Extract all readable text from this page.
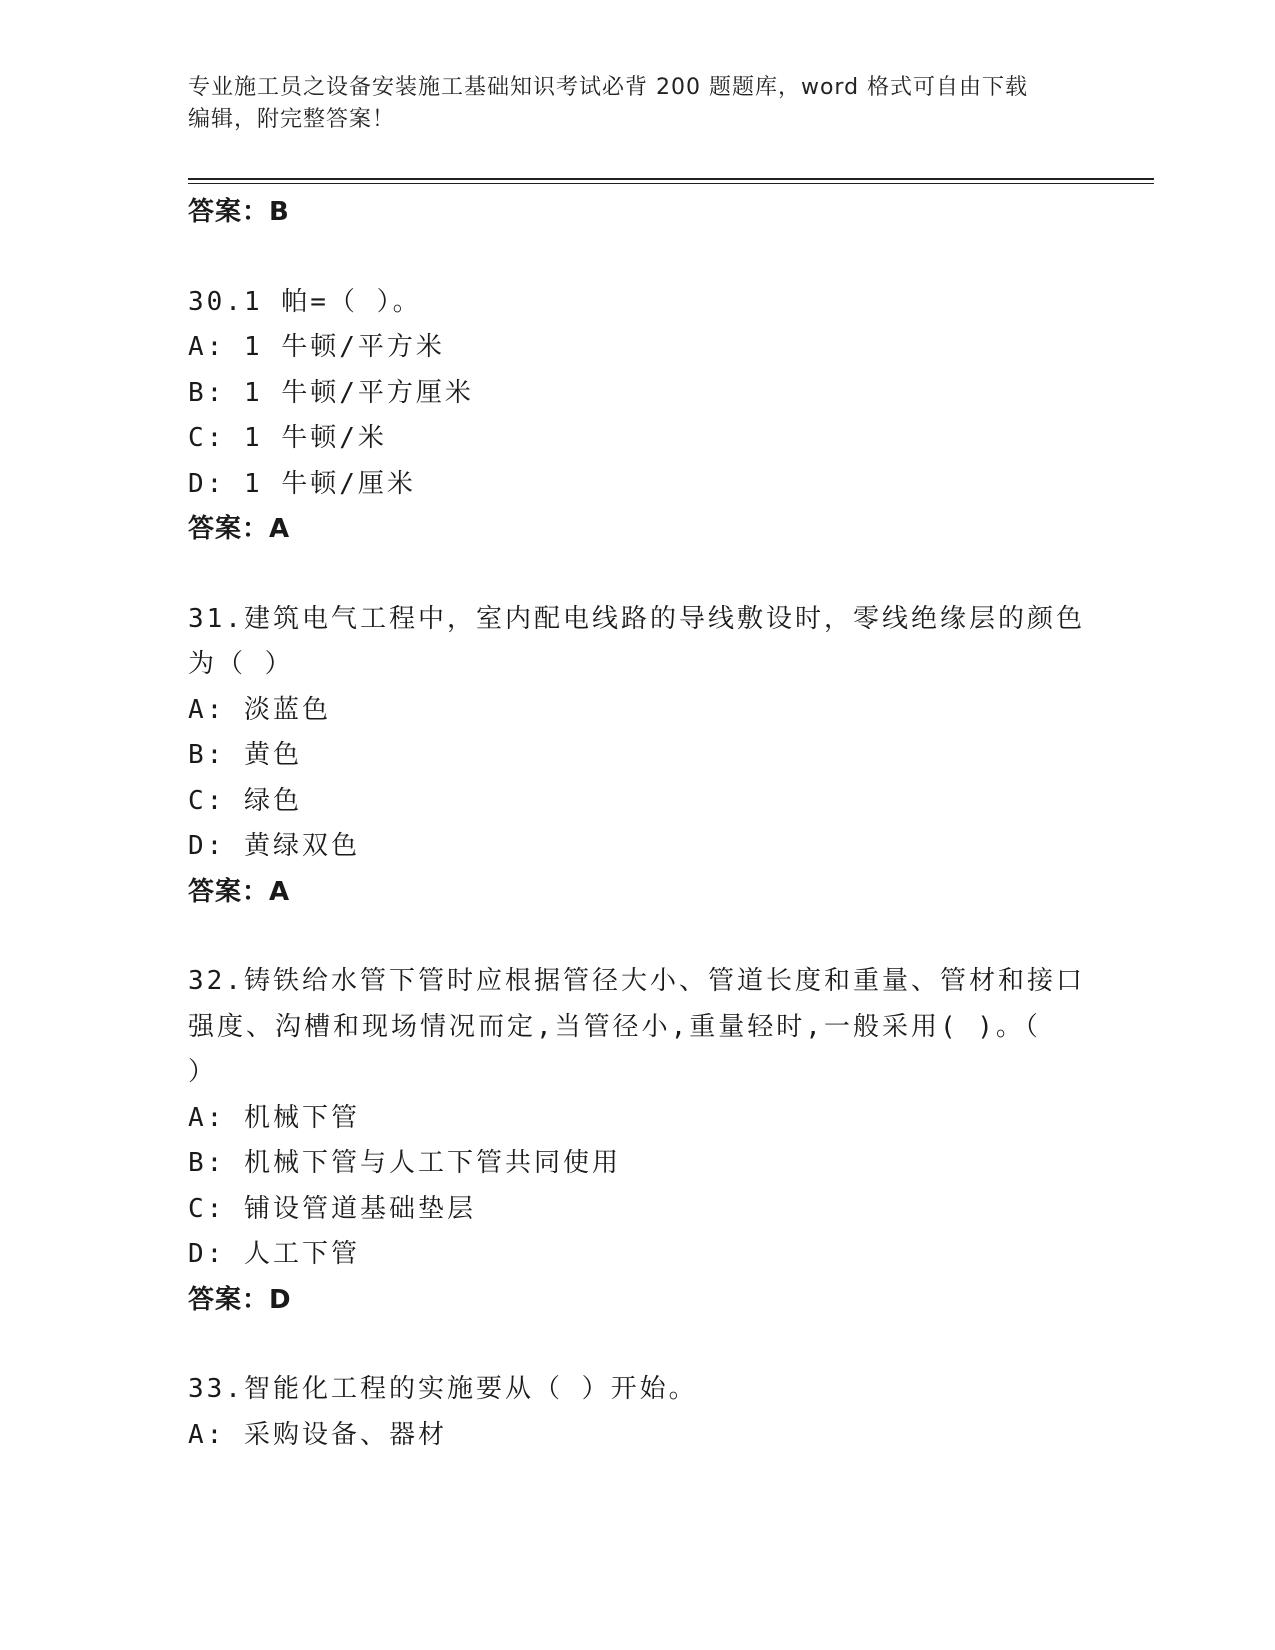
专业施工员之设备安装施工基础知识考试必背 200 题题库，word 格式可自由下载
编辑，附完整答案！
答案：B
30.1 帕=（ ）。
A: 1 牛顿/平方米
B: 1 牛顿/平方厘米
C: 1 牛顿/米
D: 1 牛顿/厘米
答案：A
31.建筑电气工程中，室内配电线路的导线敷设时，零线绝缘层的颜色
为（ ）
A: 淡蓝色
B: 黄色
C: 绿色
D: 黄绿双色
答案：A
32.铸铁给水管下管时应根据管径大小、管道长度和重量、管材和接口
强度、沟槽和现场情况而定,当管径小,重量轻时,一般采用( )。（
）
A: 机械下管
B: 机械下管与人工下管共同使用
C: 铺设管道基础垫层
D: 人工下管
答案：D
33.智能化工程的实施要从（ ）开始。
A: 采购设备、器材
